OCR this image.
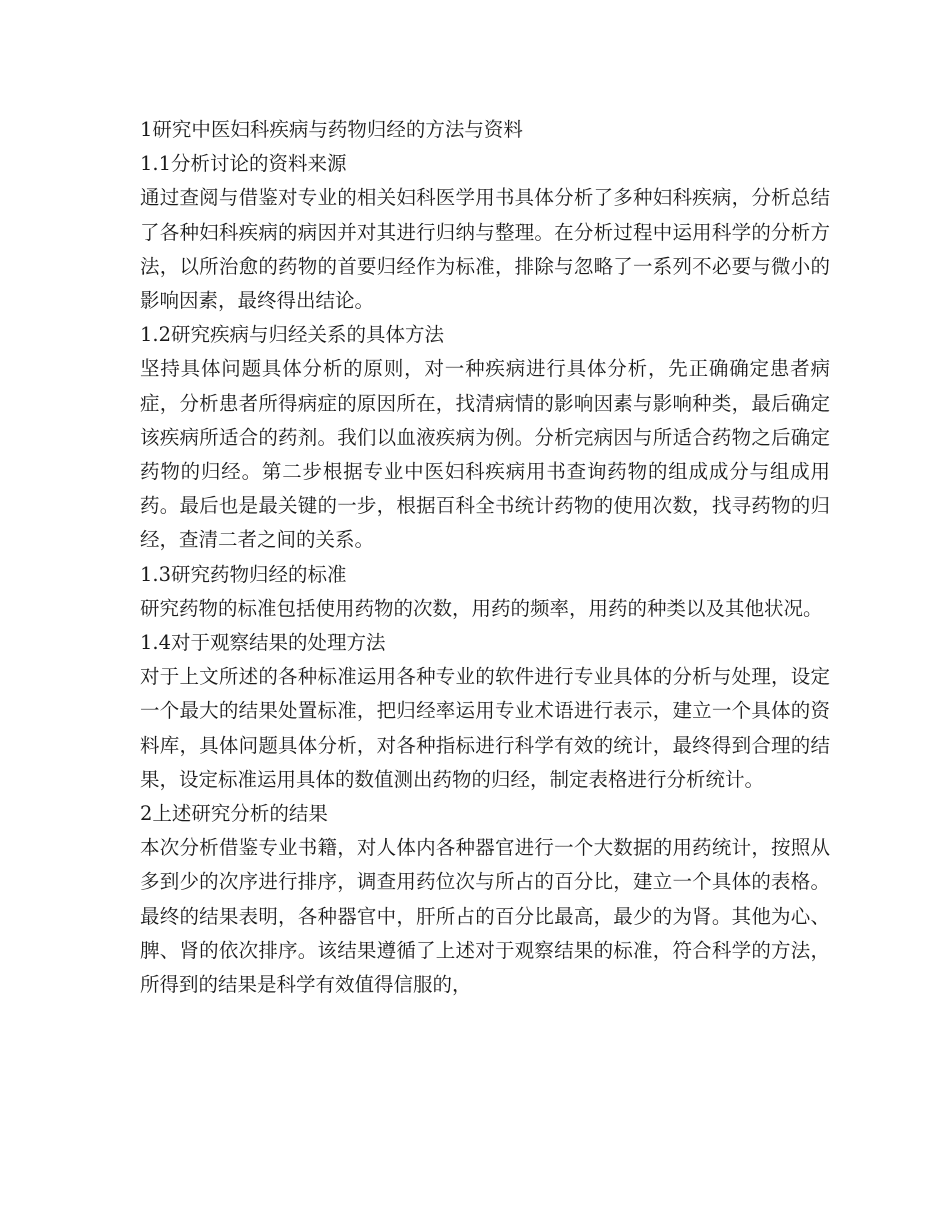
1研究中医妇科疾病与药物归经的方法与资料

1.1分析讨论的资料来源

通过查阅与借鉴对专业的相关妇科医学用书具体分析了多种妇科疾病，分析总结了各种妇科疾病的病因并对其进行归纳与整理。在分析过程中运用科学的分析方法，以所治愈的药物的首要归经作为标准，排除与忽略了一系列不必要与微小的影响因素，最终得出结论。

1.2研究疾病与归经关系的具体方法

坚持具体问题具体分析的原则，对一种疾病进行具体分析，先正确确定患者病症，分析患者所得病症的原因所在，找清病情的影响因素与影响种类，最后确定该疾病所适合的药剂。我们以血液疾病为例。分析完病因与所适合药物之后确定药物的归经。第二步根据专业中医妇科疾病用书查询药物的组成成分与组成用药。最后也是最关键的一步，根据百科全书统计药物的使用次数，找寻药物的归经，查清二者之间的关系。

1.3研究药物归经的标准

研究药物的标准包括使用药物的次数，用药的频率，用药的种类以及其他状况。

1.4对于观察结果的处理方法

对于上文所述的各种标准运用各种专业的软件进行专业具体的分析与处理，设定一个最大的结果处置标准，把归经率运用专业术语进行表示，建立一个具体的资料库，具体问题具体分析，对各种指标进行科学有效的统计，最终得到合理的结果，设定标准运用具体的数值测出药物的归经，制定表格进行分析统计。

2上述研究分析的结果

本次分析借鉴专业书籍，对人体内各种器官进行一个大数据的用药统计，按照从多到少的次序进行排序，调查用药位次与所占的百分比，建立一个具体的表格。最终的结果表明，各种器官中，肝所占的百分比最高，最少的为肾。其他为心、脾、肾的依次排序。该结果遵循了上述对于观察结果的标准，符合科学的方法，所得到的结果是科学有效值得信服的，
